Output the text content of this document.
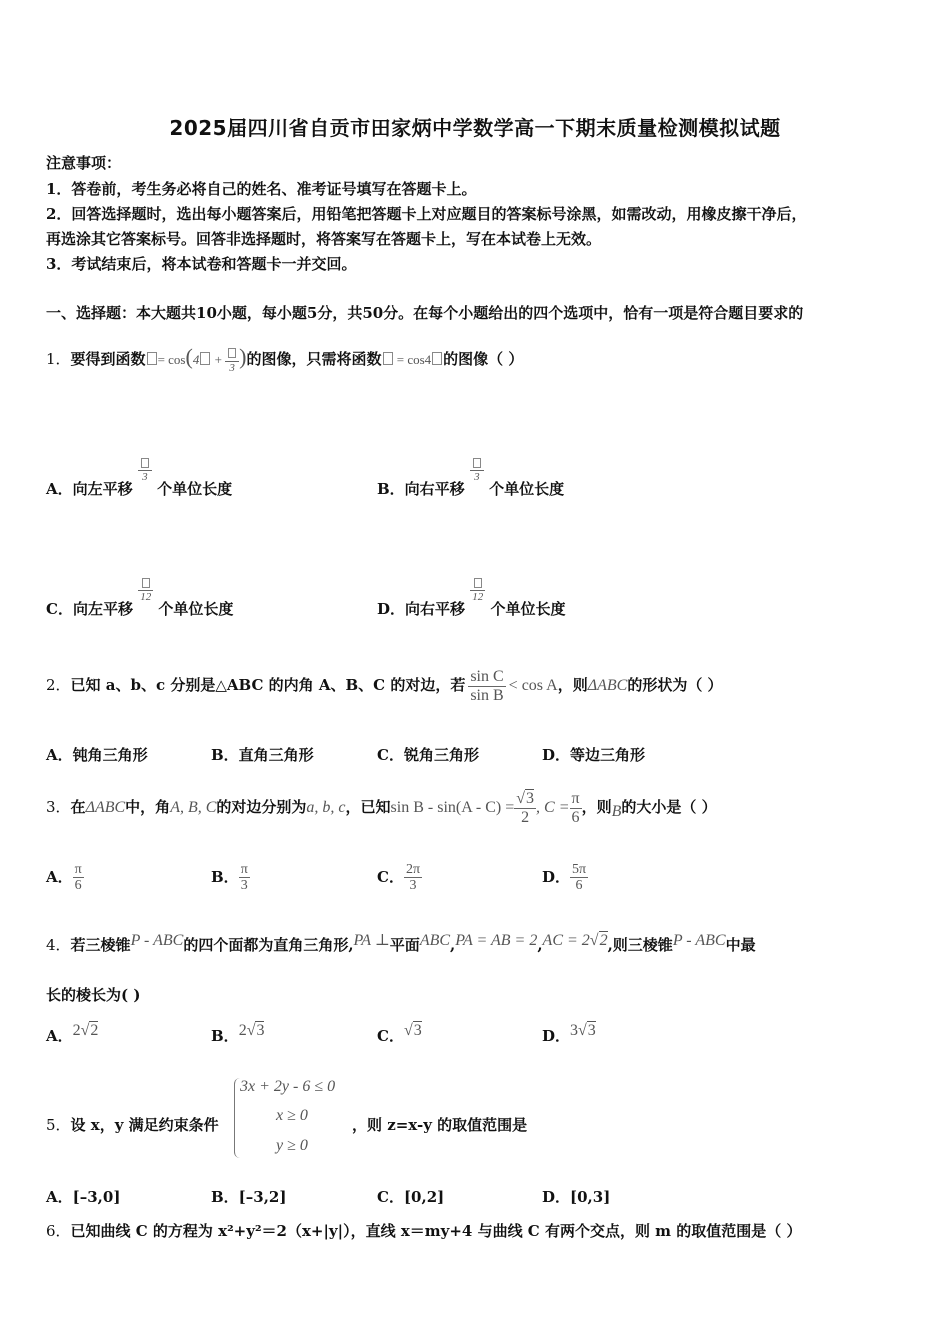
2025届四川省自贡市田家炳中学数学高一下期末质量检测模拟试题
注意事项：
1．答卷前，考生务必将自己的姓名、准考证号填写在答题卡上。
2．回答选择题时，选出每小题答案后，用铅笔把答题卡上对应题目的答案标号涂黑，如需改动，用橡皮擦干净后，
再选涂其它答案标号。回答非选择题时，将答案写在答题卡上，写在本试卷上无效。
3．考试结束后，将本试卷和答题卡一并交回。
一、选择题：本大题共10小题，每小题5分，共50分。在每个小题给出的四个选项中，恰有一项是符合题目要求的
1．要得到函数 = cos(4 +
3 )的图像，只需将函数 = cos4 的图像（ ）
A．向左平移
3
个单位长度	B．向右平移
3
个单位长度
C．向左平移
12
个单位长度	D．向右平移
12
个单位长度
2．已知 a、b、c 分别是△ABC 的内角 A、B、C 的对边，若 $\frac{\text{sin C}}{\text{sin B}} < \cos A$，则ΔABC的形状为（ ）
A．钝角三角形	B．直角三角形	C．锐角三角形	D．等边三角形
3．在ΔABC中，角A, B, C的对边分别为a, b, c，已知$\sin B - \sin(A - C) = \frac{√3}{2}$ , $C = \frac{\pi}{6}$ ，则B的大小是（ ）
A． $\frac{\pi}{6}$	B． $\frac{\pi}{3}$	C． $\frac{2\pi}{3}$	D． $\frac{5\pi}{6}$
4．若三棱锥P - ABC的四个面都为直角三角形,PA ⊥平面ABC,PA = AB = 2,AC = 2√2,则三棱锥P - ABC中最
长的棱长为( )
A．2√2	B．2√3	C．√3	D．3√3
5．设 x，y 满足约束条件
3x + 2y - 6 ≤ 0
x ≥ 0
y ≥ 0
，则 z=x-y 的取值范围是
A．[–3,0]	B．[–3,2]	C．[0,2]	D．[0,3]
6．已知曲线 C 的方程为 x²+y²＝2（x+|y|），直线 x＝my+4 与曲线 C 有两个交点，则 m 的取值范围是（ ）
